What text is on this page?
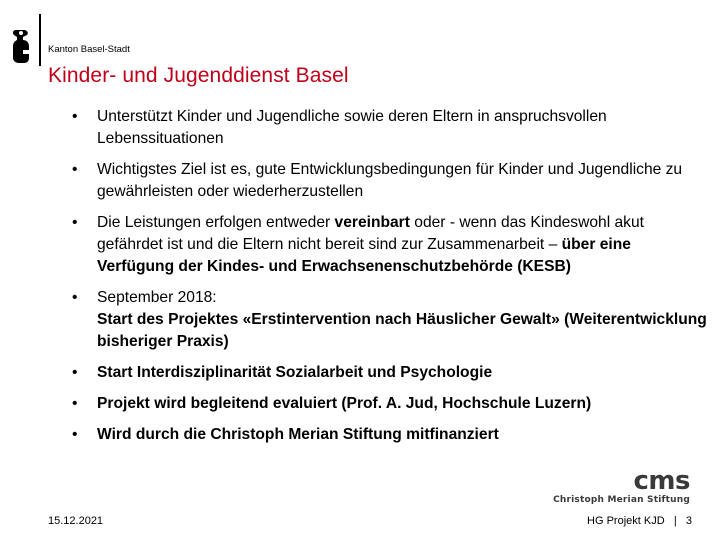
Kanton Basel-Stadt
Kinder- und Jugenddienst Basel
• Unterstützt Kinder und Jugendliche sowie deren Eltern in anspruchsvollen Lebenssituationen
• Wichtigstes Ziel ist es, gute Entwicklungsbedingungen für Kinder und Jugendliche zu gewährleisten oder wiederherzustellen
• Die Leistungen erfolgen entweder vereinbart oder - wenn das Kindeswohl akut gefährdet ist und die Eltern nicht bereit sind zur Zusammenarbeit – über eine Verfügung der Kindes- und Erwachsenenschutzbehörde (KESB)
• September 2018:
Start des Projektes «Erstintervention nach Häuslicher Gewalt» (Weiterentwicklung bisheriger Praxis)
• Start Interdisziplinarität Sozialarbeit und Psychologie
• Projekt wird begleitend evaluiert (Prof. A. Jud, Hochschule Luzern)
• Wird durch die Christoph Merian Stiftung mitfinanziert
cms
Christoph Merian Stiftung
15.12.2021	HG Projekt KJD | 3
